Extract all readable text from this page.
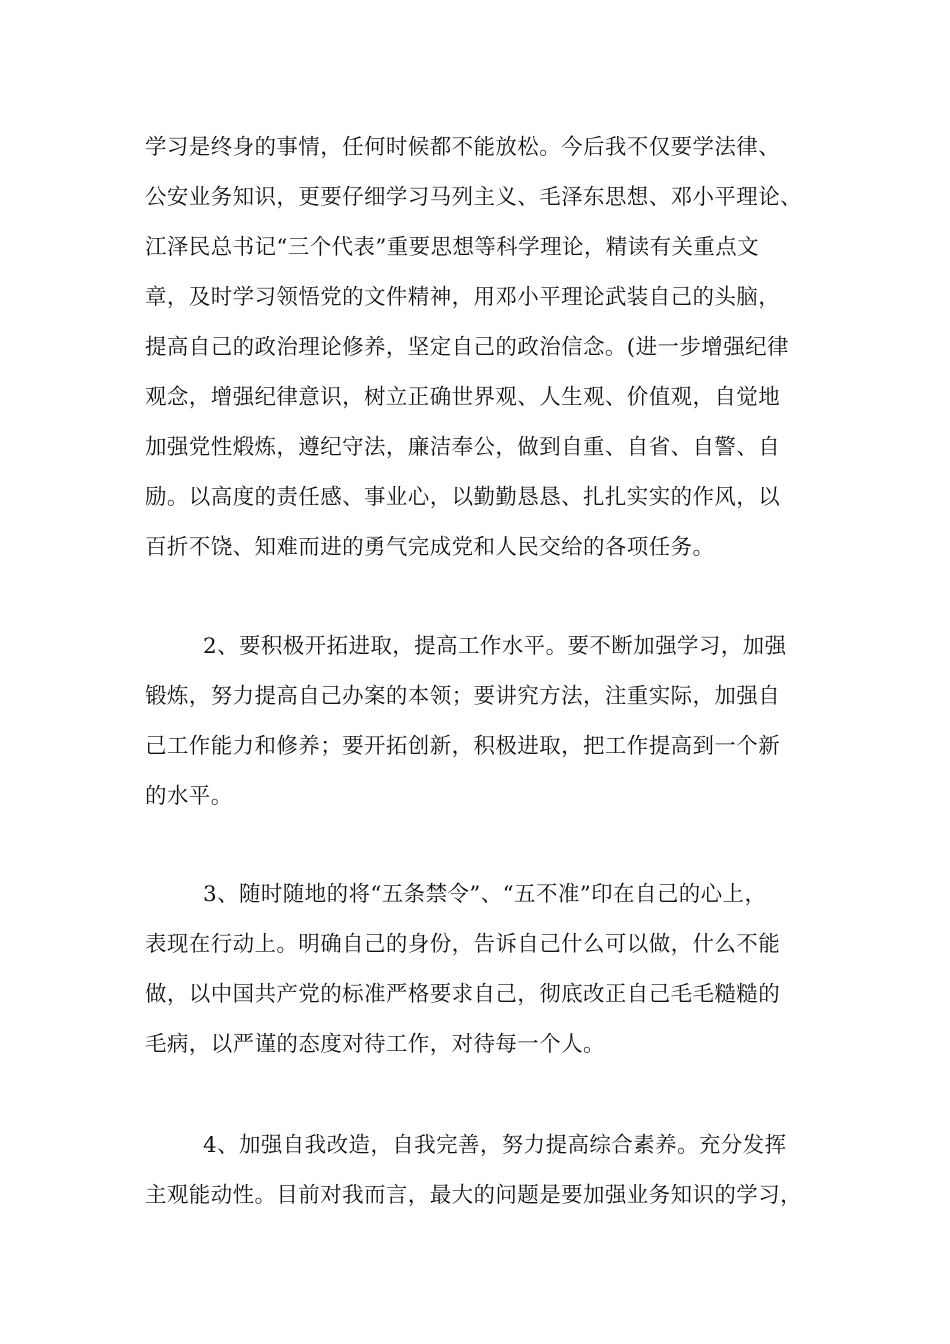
学习是终身的事情，任何时候都不能放松。今后我不仅要学法律、
公安业务知识，更要仔细学习马列主义、毛泽东思想、邓小平理论、
江泽民总书记“三个代表”重要思想等科学理论，精读有关重点文
章，及时学习领悟党的文件精神，用邓小平理论武装自己的头脑，
提高自己的政治理论修养，坚定自己的政治信念。(进一步增强纪律
观念，增强纪律意识，树立正确世界观、人生观、价值观，自觉地
加强党性煅炼，遵纪守法，廉洁奉公，做到自重、自省、自警、自
励。以高度的责任感、事业心，以勤勤恳恳、扎扎实实的作风，以
百折不饶、知难而进的勇气完成党和人民交给的各项任务。
2、要积极开拓进取，提高工作水平。要不断加强学习，加强
锻炼，努力提高自己办案的本领；要讲究方法，注重实际，加强自
己工作能力和修养；要开拓创新，积极进取，把工作提高到一个新
的水平。
3、随时随地的将“五条禁令”、“五不准”印在自己的心上，
表现在行动上。明确自己的身份，告诉自己什么可以做，什么不能
做，以中国共产党的标准严格要求自己，彻底改正自己毛毛糙糙的
毛病，以严谨的态度对待工作，对待每一个人。
4、加强自我改造，自我完善，努力提高综合素养。充分发挥
主观能动性。目前对我而言，最大的问题是要加强业务知识的学习，
